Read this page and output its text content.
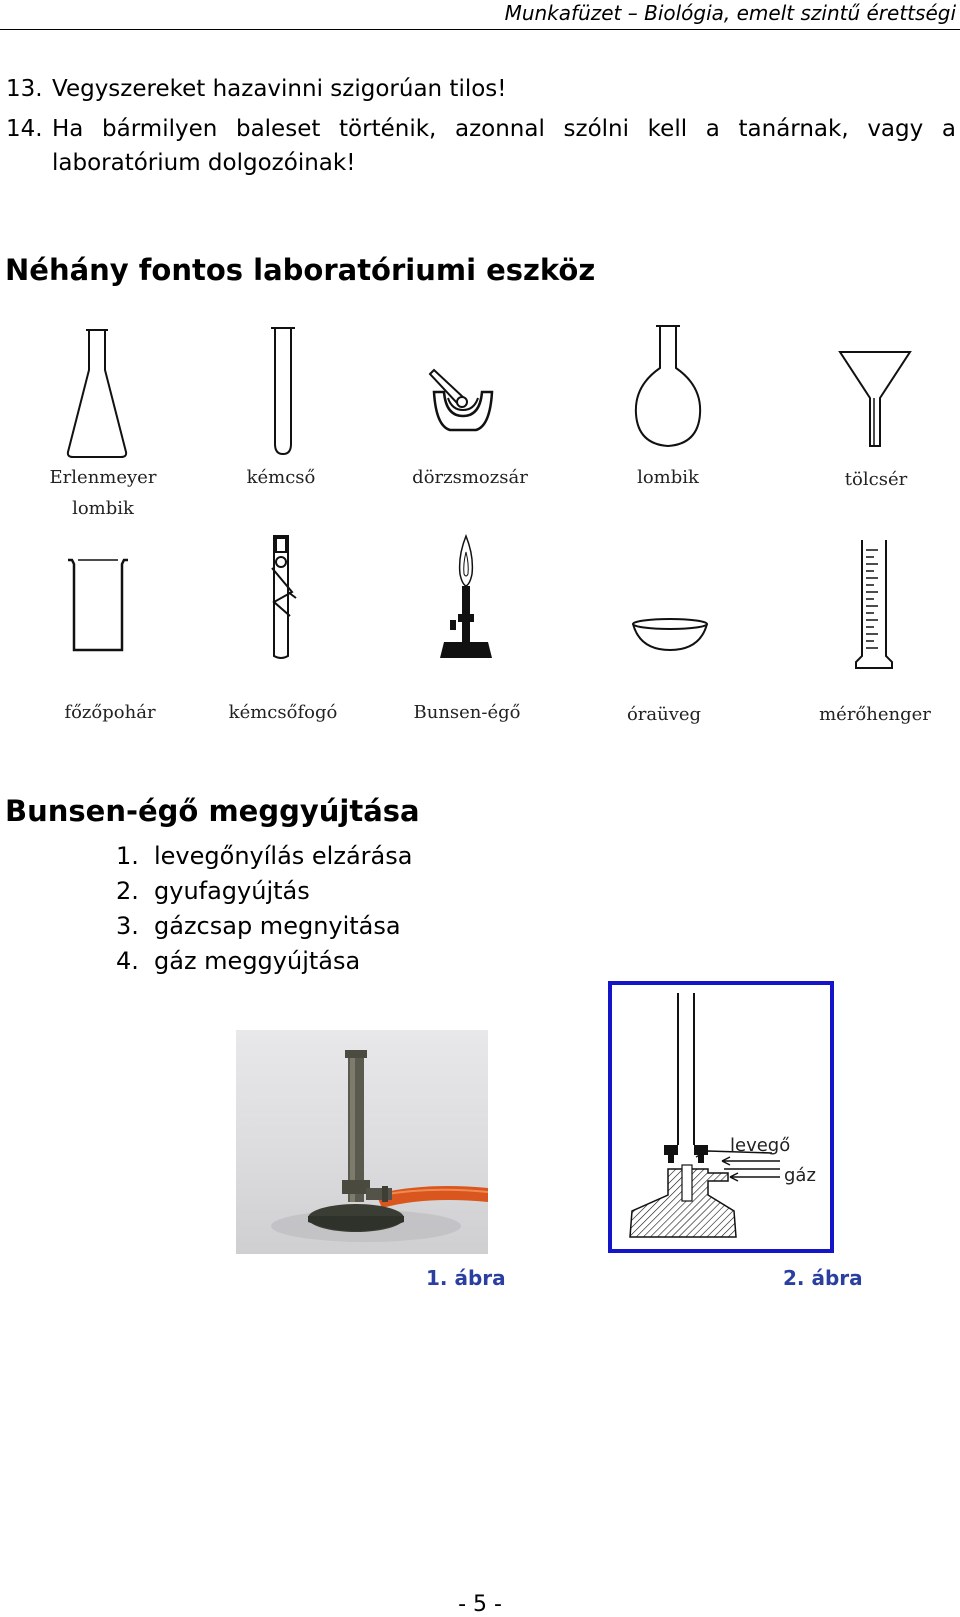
Munkafüzet – Biológia, emelt szintű érettségi
13. Vegyszereket hazavinni szigorúan tilos!
14. Ha bármilyen baleset történik, azonnal szólni kell a tanárnak, vagy a
laboratórium dolgozóinak!
Néhány fontos laboratóriumi eszköz
Erlenmeyer
lombik
kémcső	dörzsmozsár	lombik	tölcsér
főzőpohár	kémcsőfogó	Bunsen-égő	óraüveg	mérőhenger
Bunsen-égő meggyújtása
1. levegőnyílás elzárása
2. gyufagyújtás
3. gázcsap megnyitása
4. gáz meggyújtása
levegő
gáz
1. ábra	2. ábra
- 5 -
